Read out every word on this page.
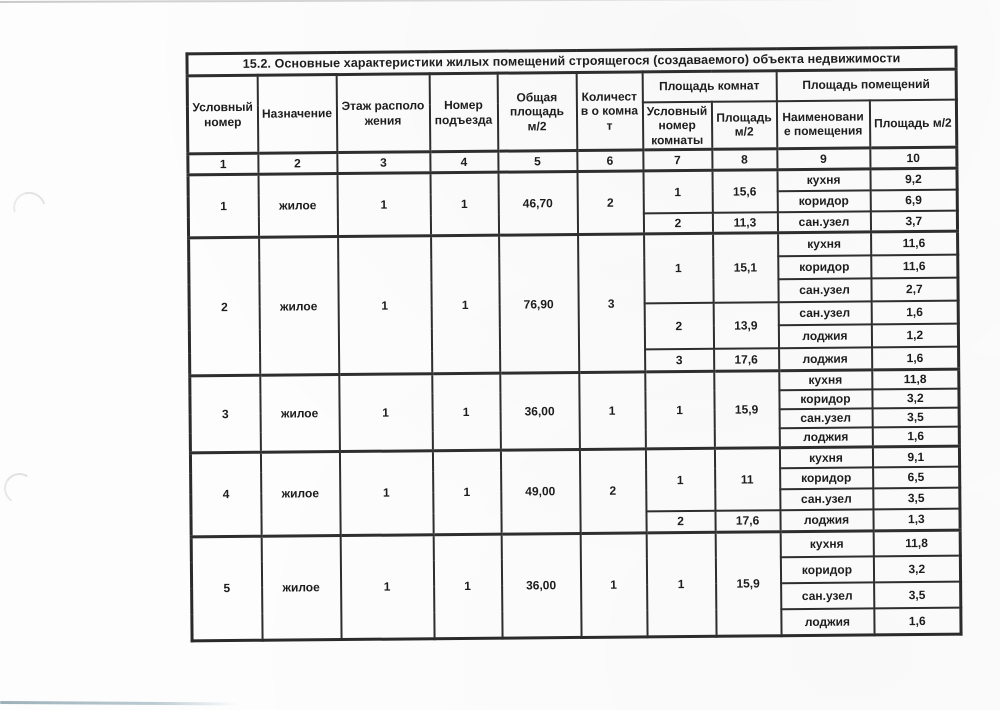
15.2. Основные характеристики жилых помещений строящегося (создаваемого) объекта недвижимости									
Условный номер	Назначение	Этаж расположения	Номер подъезда	Общая площадь м/2	Количеств о комнат	Площадь комнат		Площадь помещений	
						Условный номер комнаты	Площадь м/2	Наименовани е помещения	Площадь м/2
1	2	3	4	5	6	7	8	9	10
1	жилое	1	1	46,70	2	1	15,6	кухня	9,2
								коридор	6,9
						2	11,3	сан.узел	3,7
2	жилое	1	1	76,90	3	1	15,1	кухня	11,6
								коридор	11,6
								сан.узел	2,7
						2	13,9	сан.узел	1,6
								лоджия	1,2
						3	17,6	лоджия	1,6
3	жилое	1	1	36,00	1	1	15,9	кухня	11,8
								коридор	3,2
								сан.узел	3,5
								лоджия	1,6
4	жилое	1	1	49,00	2	1	11	кухня	9,1
								коридор	6,5
								сан.узел	3,5
						2	17,6	лоджия	1,3
5	жилое	1	1	36,00	1	1	15,9	кухня	11,8
								коридор	3,2
								сан.узел	3,5
								лоджия	1,6
